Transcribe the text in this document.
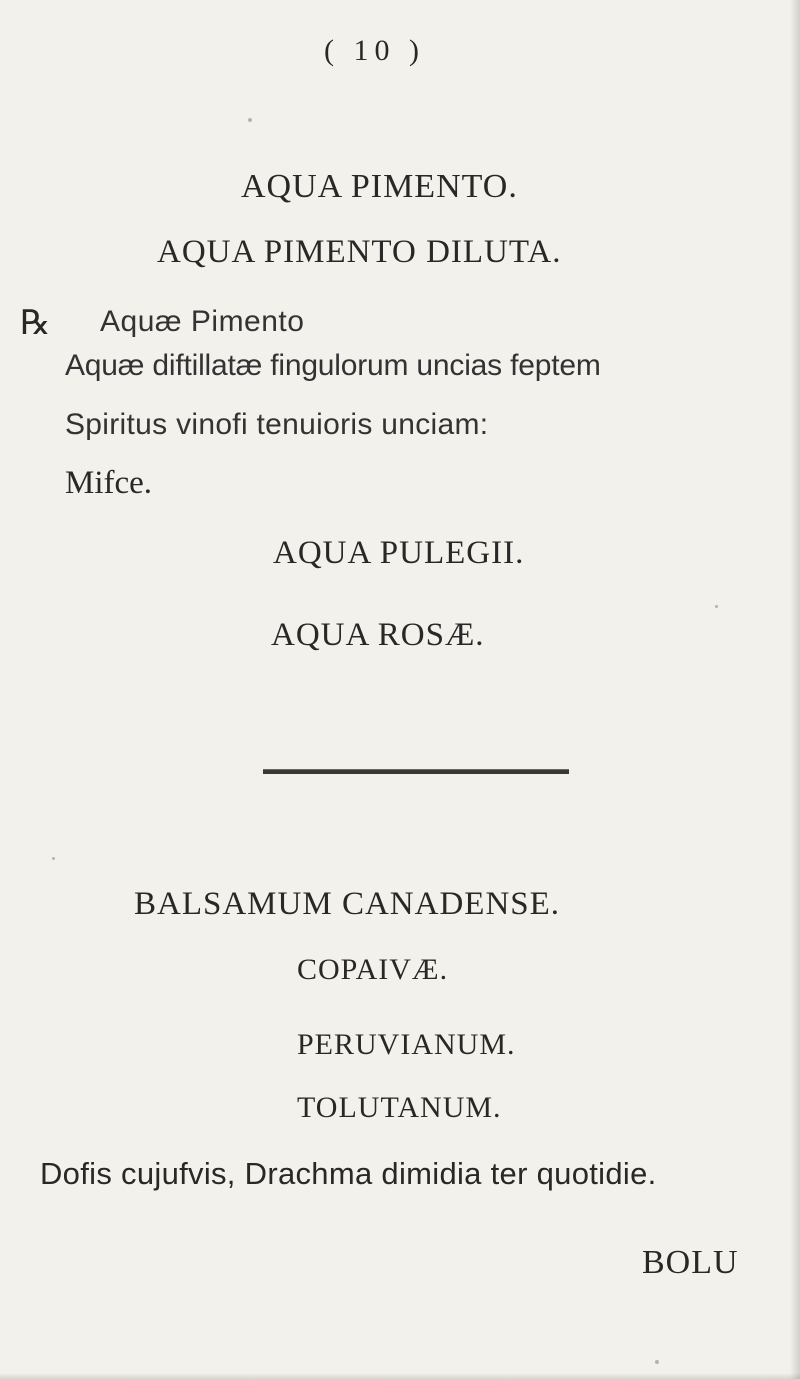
( 10 )
AQUA PIMENTO.
AQUA PIMENTO DILUTA.
℞ Aquæ Pimento
Aquæ diftillatæ fingulorum uncias feptem
Spiritus vinofi tenuioris unciam:
Mifce.
AQUA PULEGII.
AQUA ROSÆ.
BALSAMUM CANADENSE.
COPAIVÆ.
PERUVIANUM.
TOLUTANUM.
Dofis cujufvis, Drachma dimidia ter quotidie.
BOLU
